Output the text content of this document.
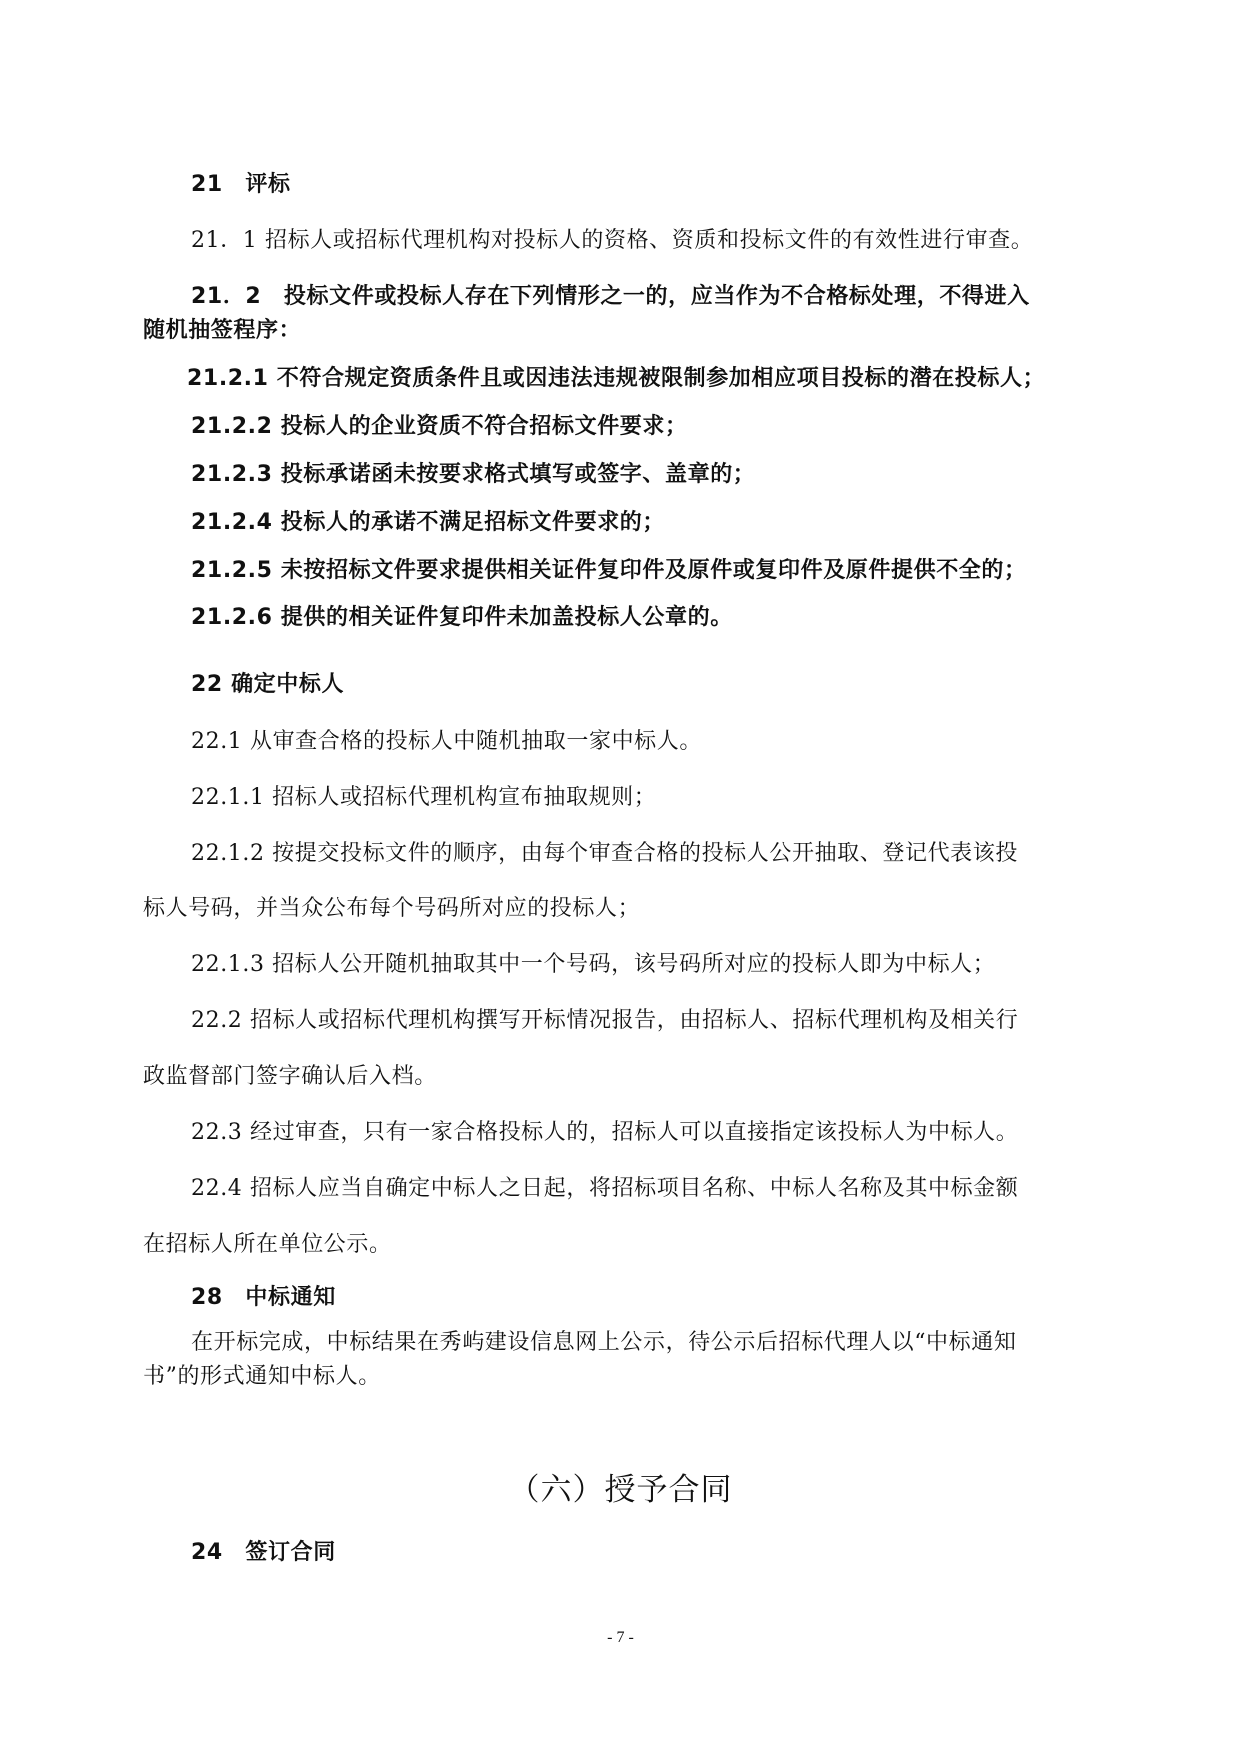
21　评标
21．1 招标人或招标代理机构对投标人的资格、资质和投标文件的有效性进行审查。
21．2　投标文件或投标人存在下列情形之一的，应当作为不合格标处理，不得进入
随机抽签程序：
21.2.1 不符合规定资质条件且或因违法违规被限制参加相应项目投标的潜在投标人；
21.2.2 投标人的企业资质不符合招标文件要求；
21.2.3 投标承诺函未按要求格式填写或签字、盖章的；
21.2.4 投标人的承诺不满足招标文件要求的；
21.2.5 未按招标文件要求提供相关证件复印件及原件或复印件及原件提供不全的；
21.2.6 提供的相关证件复印件未加盖投标人公章的。
22 确定中标人
22.1 从审查合格的投标人中随机抽取一家中标人。
22.1.1 招标人或招标代理机构宣布抽取规则；
22.1.2 按提交投标文件的顺序，由每个审查合格的投标人公开抽取、登记代表该投
标人号码，并当众公布每个号码所对应的投标人；
22.1.3 招标人公开随机抽取其中一个号码，该号码所对应的投标人即为中标人；
22.2 招标人或招标代理机构撰写开标情况报告，由招标人、招标代理机构及相关行
政监督部门签字确认后入档。
22.3 经过审查，只有一家合格投标人的，招标人可以直接指定该投标人为中标人。
22.4 招标人应当自确定中标人之日起，将招标项目名称、中标人名称及其中标金额
在招标人所在单位公示。
28　中标通知
在开标完成，中标结果在秀屿建设信息网上公示，待公示后招标代理人以“中标通知
书”的形式通知中标人。
（六）授予合同
24　签订合同
- 7 -
